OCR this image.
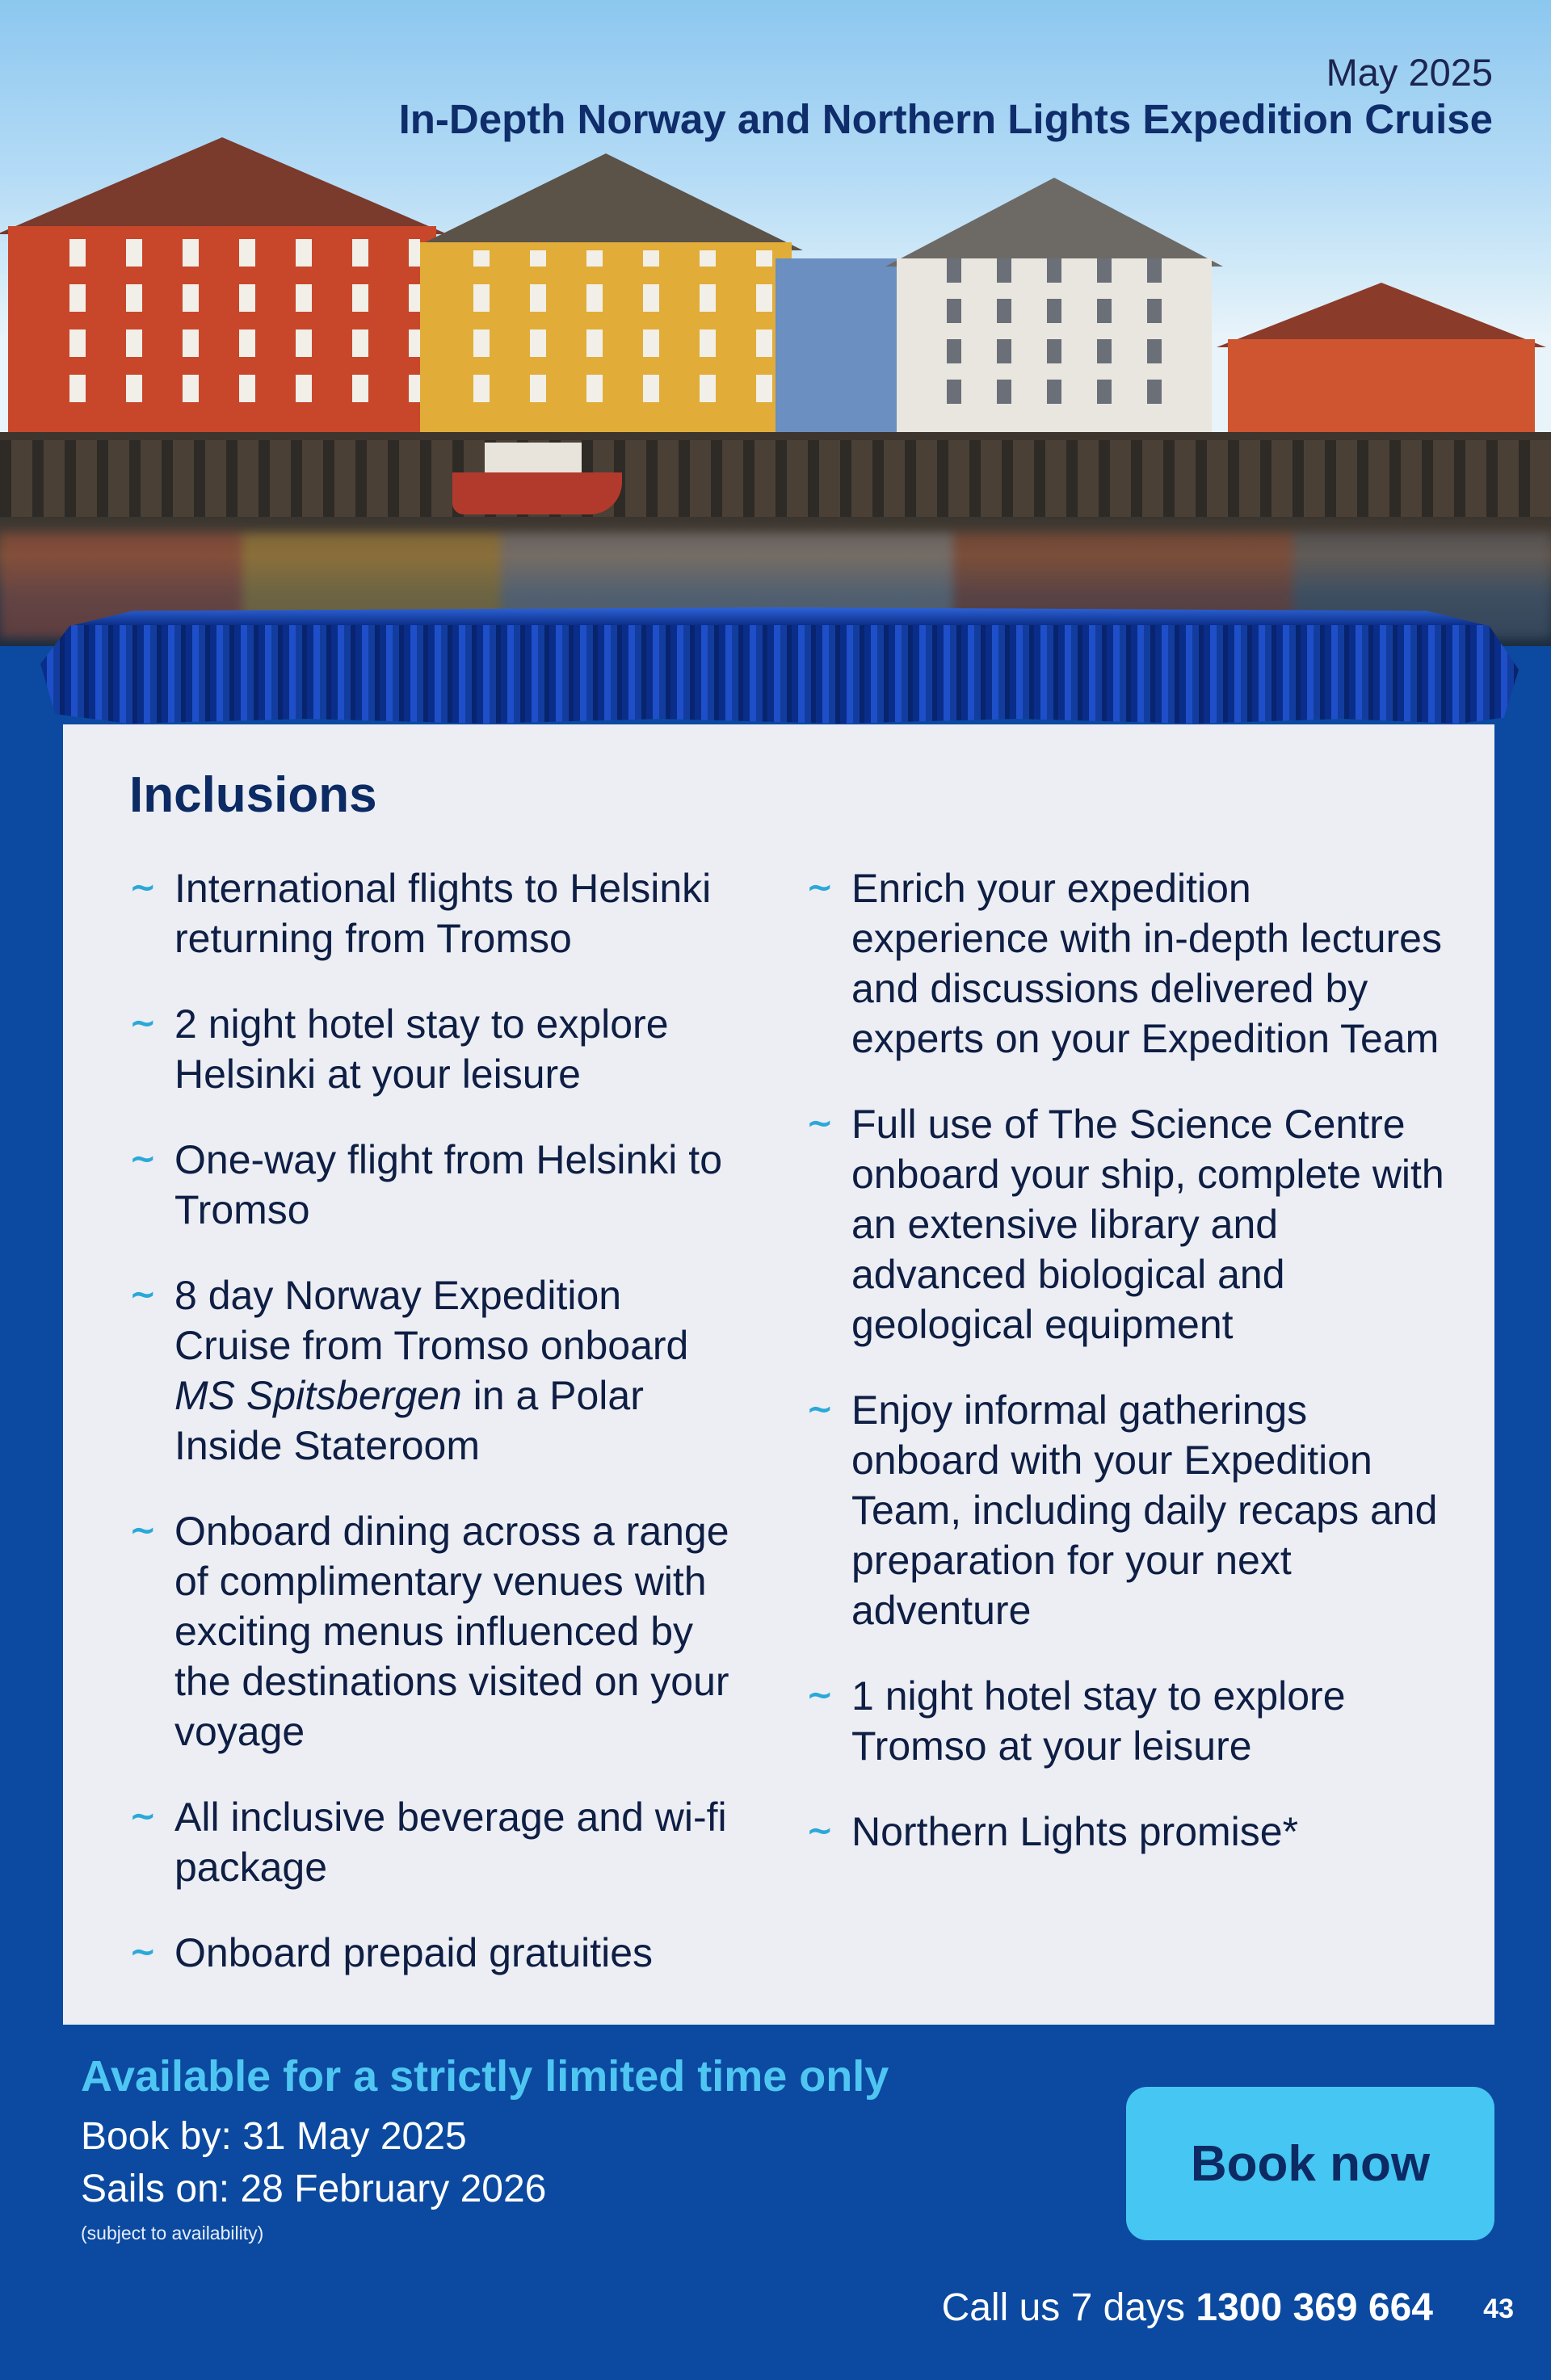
May 2025
In-Depth Norway and Northern Lights Expedition Cruise
Inclusions
~ International flights to Helsinki returning from Tromso
~ 2 night hotel stay to explore Helsinki at your leisure
~ One-way flight from Helsinki to Tromso
~ 8 day Norway Expedition Cruise from Tromso onboard MS Spitsbergen in a Polar Inside Stateroom
~ Onboard dining across a range of complimentary venues with exciting menus influenced by the destinations visited on your voyage
~ All inclusive beverage and wi-fi package
~ Onboard prepaid gratuities
~ Enrich your expedition experience with in-depth lectures and discussions delivered by experts on your Expedition Team
~ Full use of The Science Centre onboard your ship, complete with an extensive library and advanced biological and geological equipment
~ Enjoy informal gatherings onboard with your Expedition Team, including daily recaps and preparation for your next adventure
~ 1 night hotel stay to explore Tromso at your leisure
~ Northern Lights promise*
Available for a strictly limited time only
Book by: 31 May 2025
Sails on: 28 February 2026
(subject to availability)
Book now
Call us 7 days 1300 369 664 43
